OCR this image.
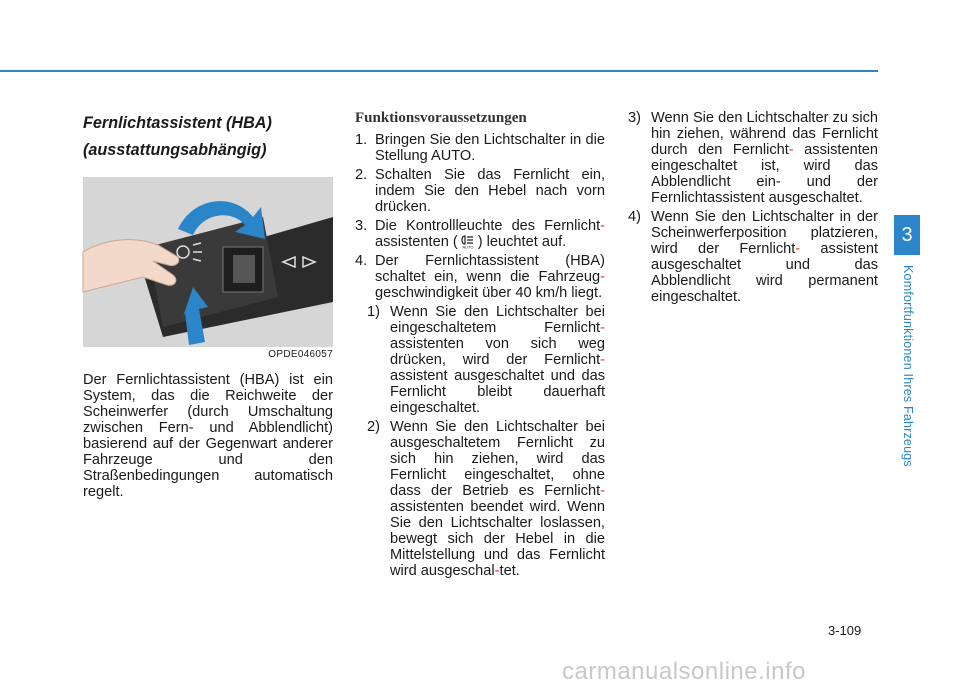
Fernlichtassistent (HBA)

(ausstattungsabhängig)

OPDE046057
Der Fernlichtassistent (HBA) ist ein System, das die Reichweite der Scheinwerfer (durch Umschaltung zwischen Fern- und Abblendlicht) basierend auf der Gegenwart anderer Fahrzeuge und den Straßenbedingungen automatisch regelt.

Funktionsvoraussetzungen

1. Bringen Sie den Lichtschalter in die Stellung AUTO.
2. Schalten Sie das Fernlicht ein, indem Sie den Hebel nach vorn drücken.
3. Die Kontrollleuchte des Fernlicht- assistenten ( AUTO ) leuchtet auf.
4. Der Fernlichtassistent (HBA) schaltet ein, wenn die Fahrzeug- geschwindigkeit über 40 km/h liegt.
1) Wenn Sie den Lichtschalter bei eingeschaltetem Fernlicht- assistenten von sich weg drücken, wird der Fernlicht- assistent ausgeschaltet und das Fernlicht bleibt dauerhaft eingeschaltet.
2) Wenn Sie den Lichtschalter bei ausgeschaltetem Fernlicht zu sich hin ziehen, wird das Fernlicht eingeschaltet, ohne dass der Betrieb es Fernlicht- assistenten beendet wird. Wenn Sie den Lichtschalter loslassen, bewegt sich der Hebel in die Mittelstellung und das Fernlicht wird ausgeschal-tet.
3) Wenn Sie den Lichtschalter zu sich hin ziehen, während das Fernlicht durch den Fernlicht- assistenten eingeschaltet ist, wird das Abblendlicht ein- und der Fernlichtassistent ausgeschaltet.
4) Wenn Sie den Lichtschalter in der Scheinwerferposition platzieren, wird der Fernlicht- assistent ausgeschaltet und das Abblendlicht wird permanent eingeschaltet.
3
Komfortfunktionen Ihres Fahrzeugs
3-109
carmanualsonline.info
